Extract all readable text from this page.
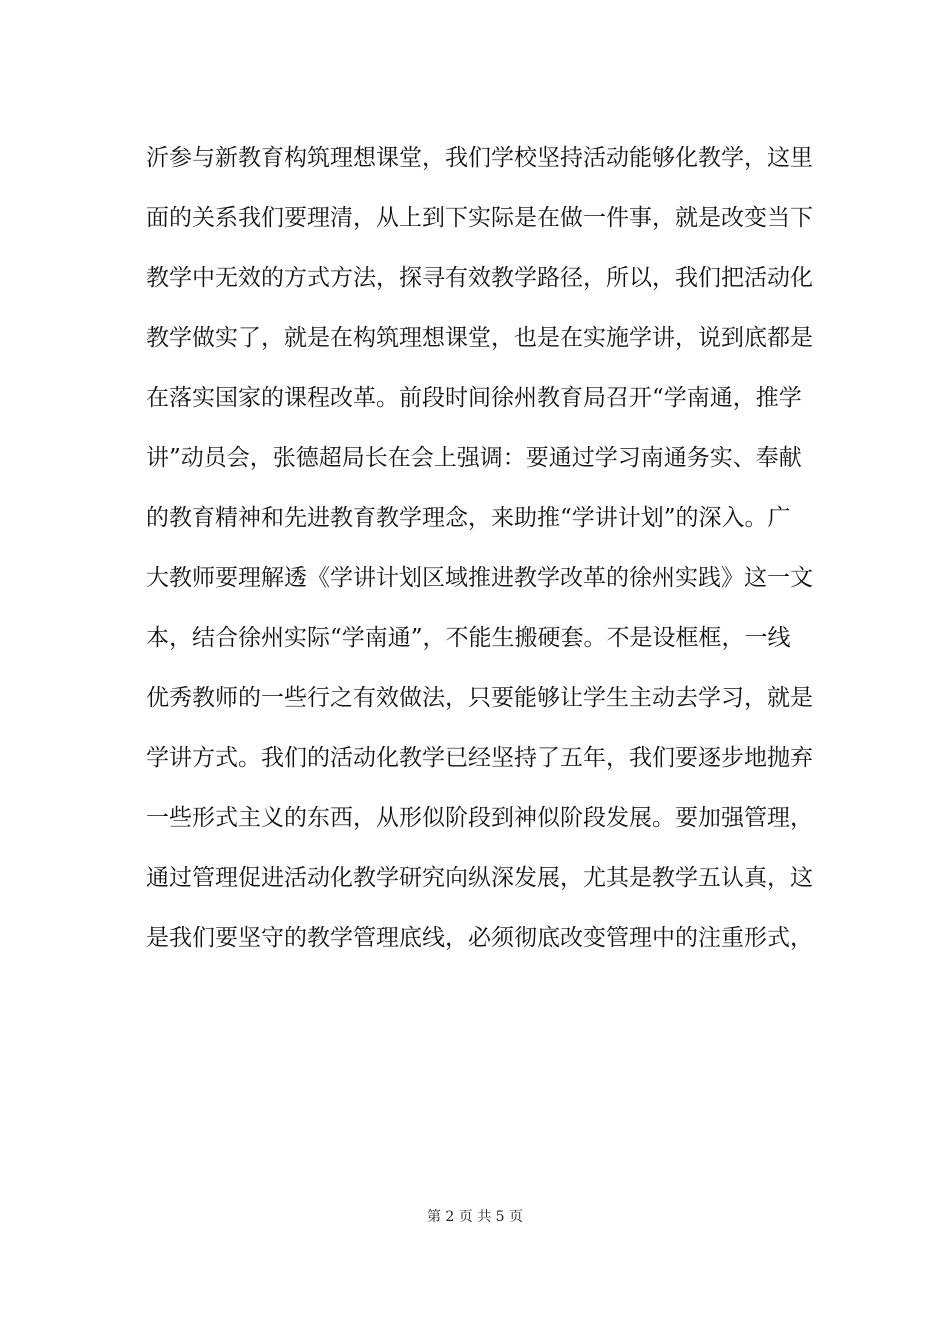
沂参与新教育构筑理想课堂，我们学校坚持活动能够化教学，这里
面的关系我们要理清，从上到下实际是在做一件事，就是改变当下
教学中无效的方式方法，探寻有效教学路径，所以，我们把活动化
教学做实了，就是在构筑理想课堂，也是在实施学讲，说到底都是
在落实国家的课程改革。前段时间徐州教育局召开“学南通，推学
讲”动员会，张德超局长在会上强调：要通过学习南通务实、奉献
的教育精神和先进教育教学理念，来助推“学讲计划”的深入。广
大教师要理解透《学讲计划区域推进教学改革的徐州实践》这一文
本，结合徐州实际“学南通”，不能生搬硬套。不是设框框，一线
优秀教师的一些行之有效做法，只要能够让学生主动去学习，就是
学讲方式。我们的活动化教学已经坚持了五年，我们要逐步地抛弃
一些形式主义的东西，从形似阶段到神似阶段发展。要加强管理，
通过管理促进活动化教学研究向纵深发展，尤其是教学五认真，这
是我们要坚守的教学管理底线，必须彻底改变管理中的注重形式，
第 2 页 共 5 页
